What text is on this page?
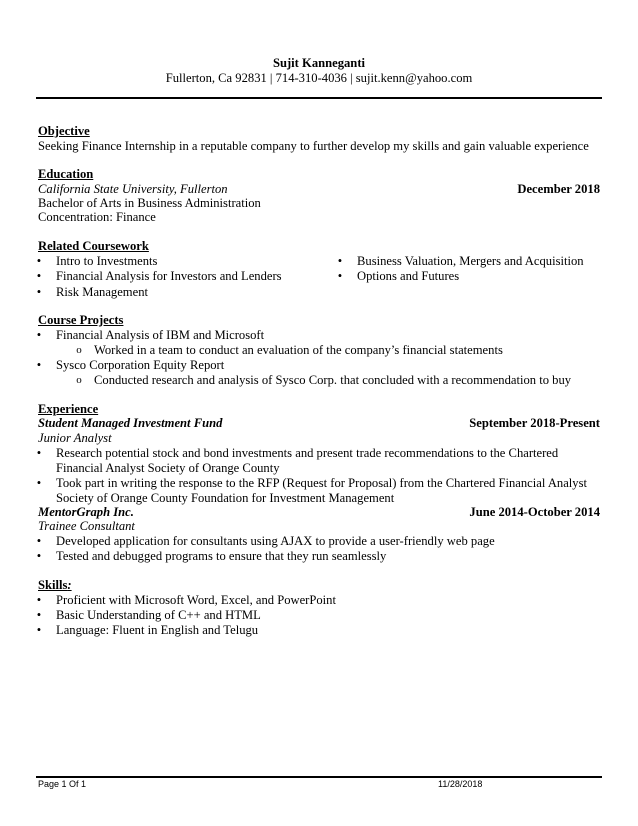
Sujit Kanneganti
Fullerton, Ca 92831 | 714-310-4036 | sujit.kenn@yahoo.com
Objective
Seeking Finance Internship in a reputable company to further develop my skills and gain valuable experience
Education
California State University, Fullerton	December 2018
Bachelor of Arts in Business Administration
Concentration: Finance
Related Coursework
• Intro to Investments
• Financial Analysis for Investors and Lenders
• Risk Management
• Business Valuation, Mergers and Acquisition
• Options and Futures
Course Projects
• Financial Analysis of IBM and Microsoft
o Worked in a team to conduct an evaluation of the company’s financial statements
• Sysco Corporation Equity Report
o Conducted research and analysis of Sysco Corp. that concluded with a recommendation to buy
Experience
Student Managed Investment Fund	September 2018-Present
Junior Analyst
• Research potential stock and bond investments and present trade recommendations to the Chartered
Financial Analyst Society of Orange County
• Took part in writing the response to the RFP (Request for Proposal) from the Chartered Financial Analyst
Society of Orange County Foundation for Investment Management
MentorGraph Inc.	June 2014-October 2014
Trainee Consultant
• Developed application for consultants using AJAX to provide a user-friendly web page
• Tested and debugged programs to ensure that they run seamlessly
Skills:
• Proficient with Microsoft Word, Excel, and PowerPoint
• Basic Understanding of C++ and HTML
• Language: Fluent in English and Telugu
Page 1 Of 1	11/28/2018
